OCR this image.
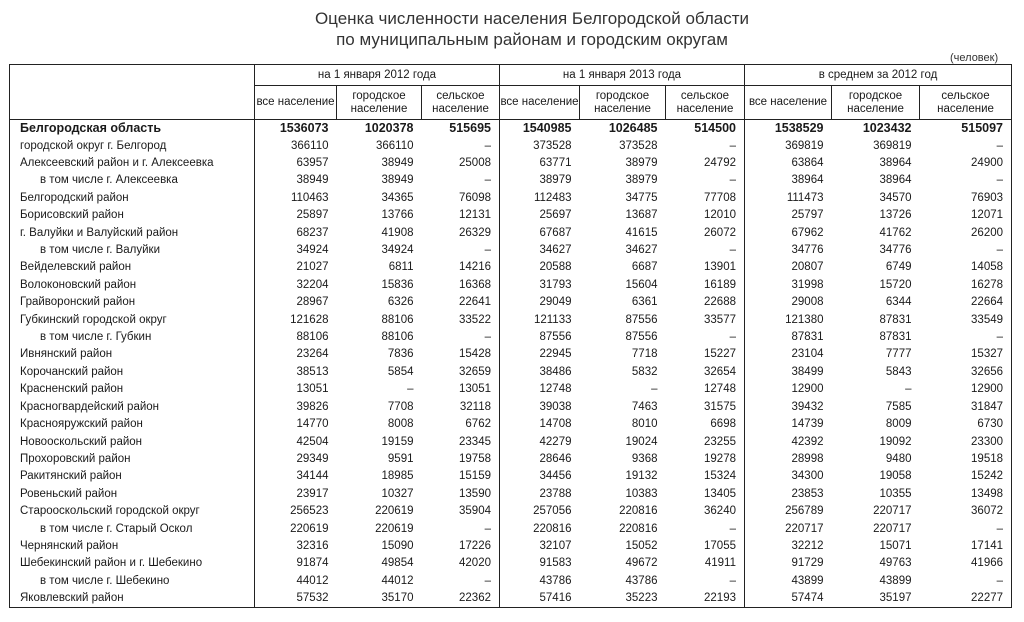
Оценка численности населения Белгородской области
по муниципальным районам и городским округам
(человек)
	на 1 января 2012 года			на 1 января 2013 года			в среднем за 2012 год		
	все население	городское население	сельское население	все население	городское население	сельское население	все население	городское население	сельское население
Белгородская область	1536073	1020378	515695	1540985	1026485	514500	1538529	1023432	515097
городской округ г. Белгород	366110	366110	–	373528	373528	–	369819	369819	–
Алексеевский район и г. Алексеевка	63957	38949	25008	63771	38979	24792	63864	38964	24900
в том числе г. Алексеевка	38949	38949	–	38979	38979	–	38964	38964	–
Белгородский район	110463	34365	76098	112483	34775	77708	111473	34570	76903
Борисовский район	25897	13766	12131	25697	13687	12010	25797	13726	12071
г. Валуйки и Валуйский район	68237	41908	26329	67687	41615	26072	67962	41762	26200
в том числе г. Валуйки	34924	34924	–	34627	34627	–	34776	34776	–
Вейделевский район	21027	6811	14216	20588	6687	13901	20807	6749	14058
Волоконовский район	32204	15836	16368	31793	15604	16189	31998	15720	16278
Грайворонский район	28967	6326	22641	29049	6361	22688	29008	6344	22664
Губкинский городской округ	121628	88106	33522	121133	87556	33577	121380	87831	33549
в том числе г. Губкин	88106	88106	–	87556	87556	–	87831	87831	–
Ивнянский район	23264	7836	15428	22945	7718	15227	23104	7777	15327
Корочанский район	38513	5854	32659	38486	5832	32654	38499	5843	32656
Красненский район	13051	–	13051	12748	–	12748	12900	–	12900
Красногвардейский район	39826	7708	32118	39038	7463	31575	39432	7585	31847
Краснояружский район	14770	8008	6762	14708	8010	6698	14739	8009	6730
Новооскольский район	42504	19159	23345	42279	19024	23255	42392	19092	23300
Прохоровский район	29349	9591	19758	28646	9368	19278	28998	9480	19518
Ракитянский район	34144	18985	15159	34456	19132	15324	34300	19058	15242
Ровеньский район	23917	10327	13590	23788	10383	13405	23853	10355	13498
Старооскольский городской округ	256523	220619	35904	257056	220816	36240	256789	220717	36072
в том числе г. Старый Оскол	220619	220619	–	220816	220816	–	220717	220717	–
Чернянский район	32316	15090	17226	32107	15052	17055	32212	15071	17141
Шебекинский район и г. Шебекино	91874	49854	42020	91583	49672	41911	91729	49763	41966
в том числе г. Шебекино	44012	44012	–	43786	43786	–	43899	43899	–
Яковлевский район	57532	35170	22362	57416	35223	22193	57474	35197	22277
